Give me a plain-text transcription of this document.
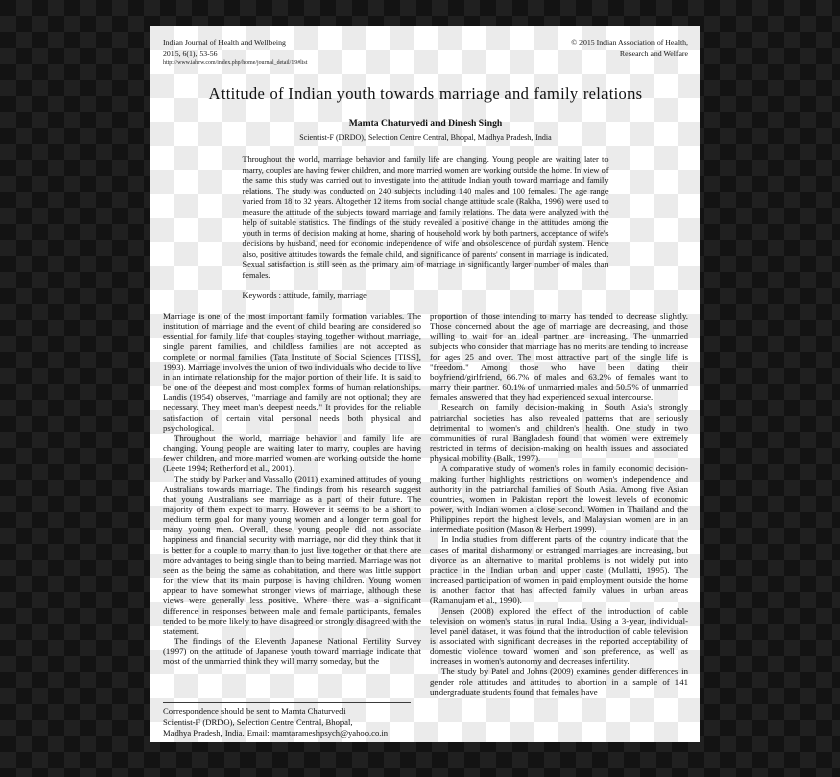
Indian Journal of Health and Wellbeing
2015, 6(1), 53-56
http://www.iahrw.com/index.php/home/journal_detail/19#list
© 2015 Indian Association of Health,
Research and Welfare
Attitude of Indian youth towards marriage and family relations
Mamta Chaturvedi and Dinesh Singh
Scientist-F (DRDO), Selection Centre Central, Bhopal, Madhya Pradesh, India

Throughout the world, marriage behavior and family life are changing. Young people are waiting later to marry, couples are having fewer children, and more married women are working outside the home. In view of the same this study was carried out to investigate into the attitude Indian youth toward marriage and family relations. The study was conducted on 240 subjects including 140 males and 100 females. The age range varied from 18 to 32 years. Altogether 12 items from social change attitude scale (Rakha, 1996) were used to measure the attitude of the subjects toward marriage and family relations. The data were analyzed with the help of suitable statistics. The findings of the study revealed a positive change in the attitudes among the youth in terms of decision making at home, sharing of household work by both partners, acceptance of wife's decisions by husband, need for economic independence of wife and obsolescence of purdah system. Hence also, positive attitudes towards the female child, and significance of parents' consent in marriage is indicated. Sexual satisfaction is still seen as the primary aim of marriage in significantly larger number of males than females.

Keywords : attitude, family, marriage

Marriage is one of the most important family formation variables. The institution of marriage and the event of child bearing are considered so essential for family life that couples staying together without marriage, single parent families, and childless families are not accepted as complete or normal families (Tata Institute of Social Sciences [TISS], 1993). Marriage involves the union of two individuals who decide to live in an intimate relationship for the major portion of their life. It is said to be one of the deepest and most complex forms of human relationships. Landis (1954) observes, "marriage and family are not optional; they are necessary. They meet man's deepest needs." It provides for the reliable satisfaction of certain vital personal needs both physical and psychological.

Throughout the world, marriage behavior and family life are changing. Young people are waiting later to marry, couples are having fewer children, and more married women are working outside the home (Leete 1994; Retherford et al., 2001).

The study by Parker and Vassallo (2011) examined attitudes of young Australians towards marriage. The findings from his research suggest that young Australians see marriage as a part of their future. The majority of them expect to marry. However it seems to be a short to medium term goal for many young women and a longer term goal for many young men. Overall, these young people did not associate happiness and financial security with marriage, nor did they think that it is better for a couple to marry than to just live together or that there are more advantages to being single than to being married. Marriage was not seen as the being the same as cohabitation, and there was little support for the view that its main purpose is having children. Young women appear to have somewhat stronger views of marriage, although these views were generally less positive. Where there was a significant difference in responses between male and female participants, females tended to be more likely to have disagreed or strongly disagreed with the statement.

The findings of the Eleventh Japanese National Fertility Survey (1997) on the attitude of Japanese youth toward marriage indicate that most of the unmarried think they will marry someday, but the

Correspondence should be sent to Mamta Chaturvedi
Scientist-F (DRDO), Selection Centre Central, Bhopal,
Madhya Pradesh, India. Email: mamtarameshpsych@yahoo.co.in

proportion of those intending to marry has tended to decrease slightly. Those concerned about the age of marriage are decreasing, and those willing to wait for an ideal partner are increasing. The unmarried subjects who consider that marriage has no merits are tending to increase for ages 25 and over. The most attractive part of the single life is "freedom." Among those who have been dating their boyfriend/girlfriend, 66.7% of males and 63.2% of females want to marry their partner. 60.1% of unmarried males and 50.5% of unmarried females answered that they had experienced sexual intercourse.

Research on family decision-making in South Asia's strongly patriarchal societies has also revealed patterns that are seriously detrimental to women's and children's health. One study in two communities of rural Bangladesh found that women were extremely restricted in terms of decision-making on health issues and associated physical mobility (Balk, 1997).

A comparative study of women's roles in family economic decision-making further highlights restrictions on women's independence and authority in the patriarchal families of South Asia. Among five Asian countries, women in Pakistan report the lowest levels of economic power, with Indian women a close second. Women in Thailand and the Philippines report the highest levels, and Malaysian women are in an intermediate position (Mason & Herbert 1999).

In India studies from different parts of the country indicate that the cases of marital disharmony or estranged marriages are increasing, but divorce as an alternative to marital problems is not widely put into practice in the Indian urban and upper caste (Mullatti, 1995). The increased participation of women in paid employment outside the home is another factor that has affected family values in urban areas (Ramanujam et al., 1990).

Jensen (2008) explored the effect of the introduction of cable television on women's status in rural India. Using a 3-year, individual-level panel dataset, it was found that the introduction of cable television is associated with significant decreases in the reported acceptability of domestic violence toward women and son preference, as well as increases in women's autonomy and decreases infertility.

The study by Patel and Johns (2009) examines gender differences in gender role attitudes and attitudes to abortion in a sample of 141 undergraduate students found that females have
